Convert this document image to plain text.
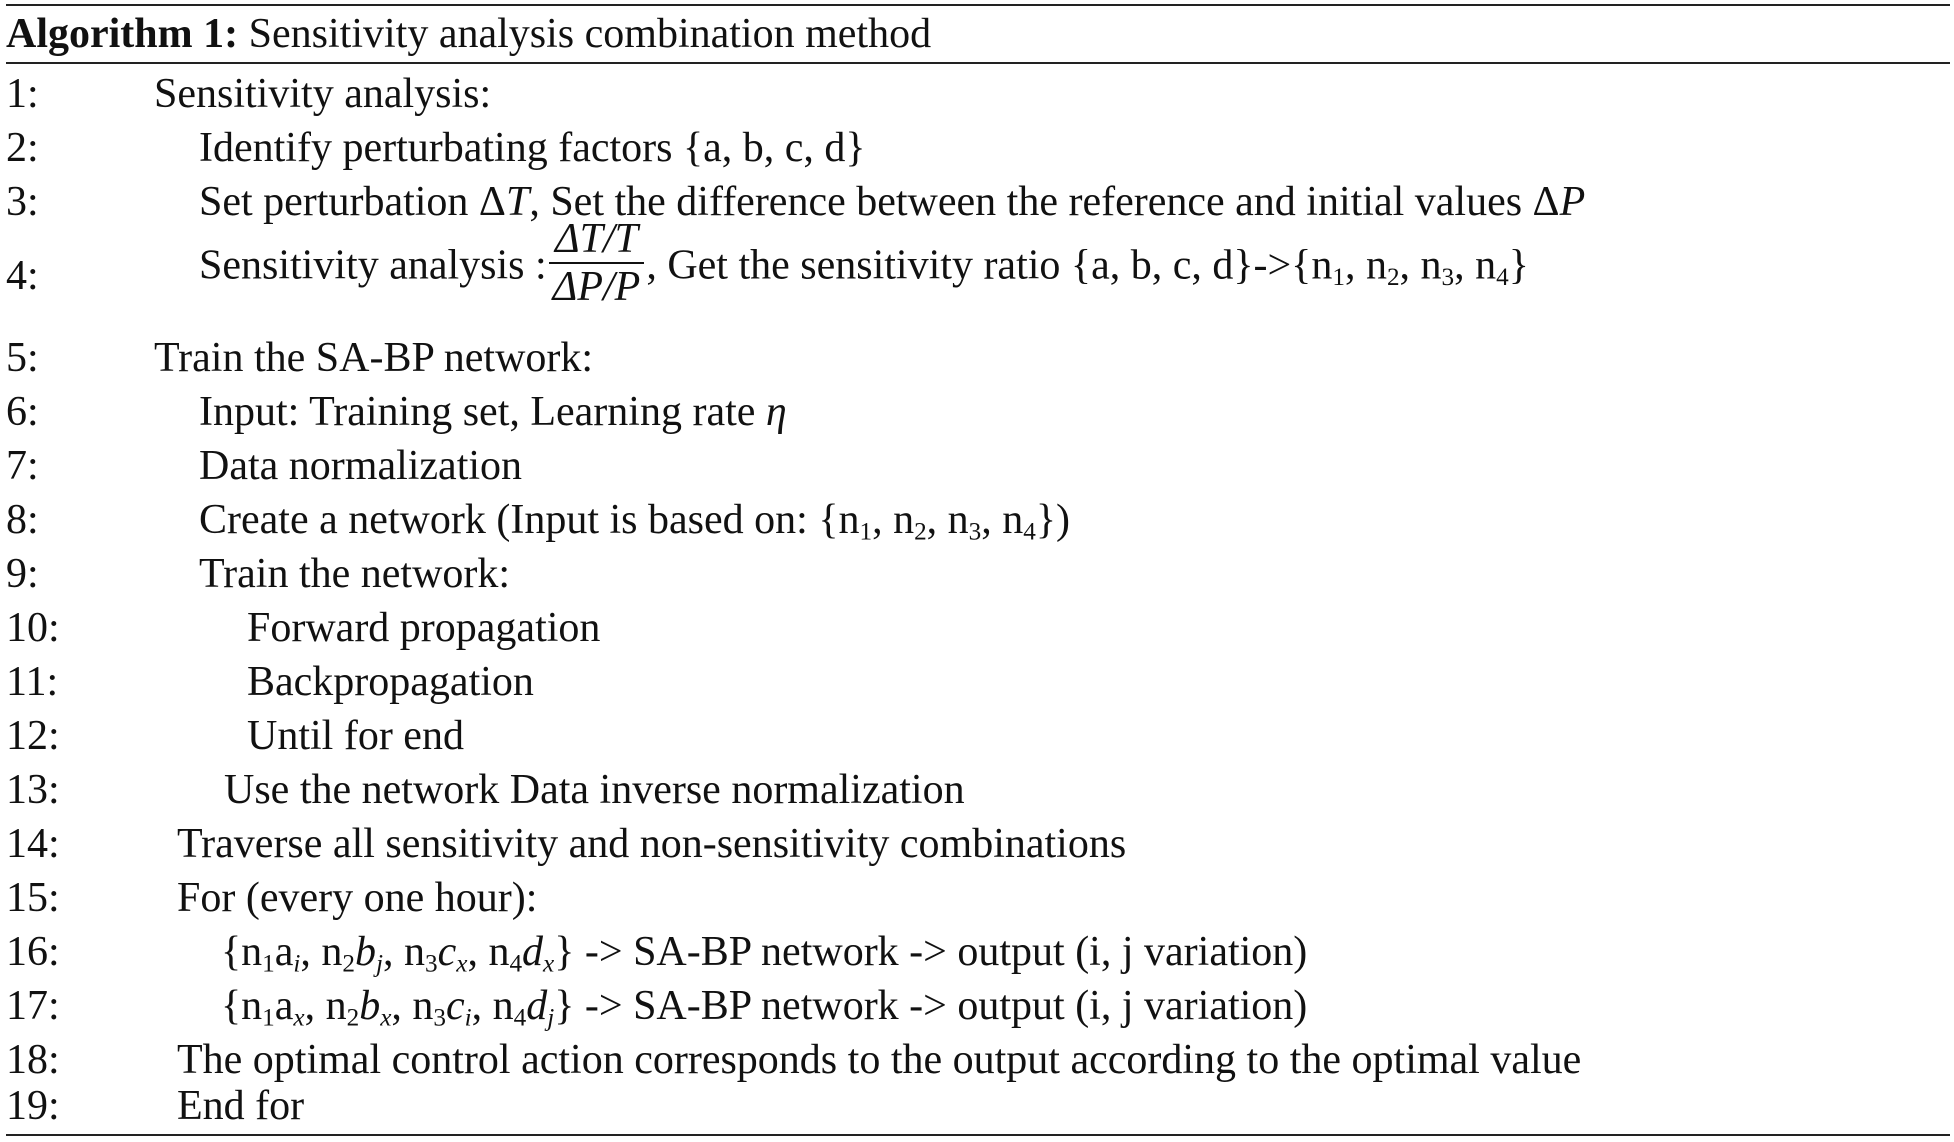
Algorithm 1: Sensitivity analysis combination method
1:	Sensitivity analysis:
2:	Identify perturbating factors {a, b, c, d}
3:	Set perturbation ΔT, Set the difference between the reference and initial values ΔP
4:	Sensitivity analysis : $\frac{\Delta T/T}{\Delta P/P}$ , Get the sensitivity ratio {a, b, c, $d\}->\{n_1$, $n_2$, $n_3$, $n_4$}
5:	Train the SA-BP network:
6:	Input: Training set, Learning rate η
7:	Data normalization
8:	Create a network (Input is based on: {$n_1$, $n_2$, $n_3$, $n_4$})
9:	Train the network:
10:	Forward propagation
11:	Backpropagation
12:	Until for end
13:	Use the network Data inverse normalization
14:	Traverse all sensitivity and non-sensitivity combinations
15:	For (every one hour):
16:	{$n_1a_i$, $n_2b_j$, $n_3c_x$, $n_4d_x\} -> SA-BP$ network -> output (i, j variation)
17:	{$n_1a_x$, $n_2b_x$, $n_3c_i$, $n_4d_j\} -> SA-BP$ network -> output (i, j variation)
18:	The optimal control action corresponds to the output according to the optimal value
19:	End for
